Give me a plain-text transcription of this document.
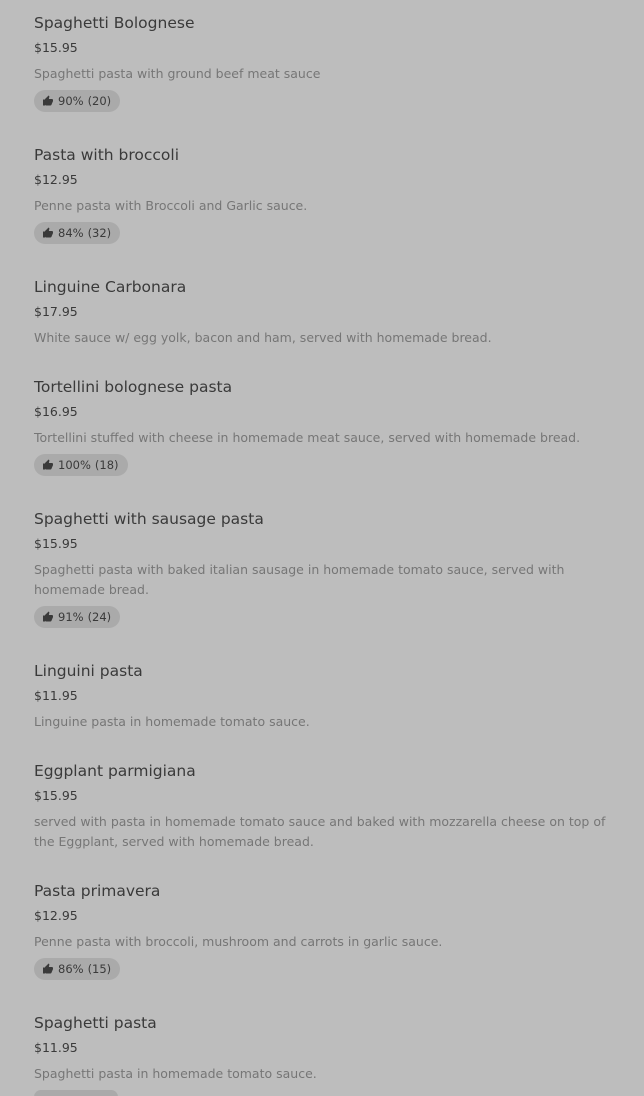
Spaghetti Bolognese
$15.95
Spaghetti pasta with ground beef meat sauce
90% (20)
Pasta with broccoli
$12.95
Penne pasta with Broccoli and Garlic sauce.
84% (32)
Linguine Carbonara
$17.95
White sauce w/ egg yolk, bacon and ham, served with homemade bread.
Tortellini bolognese pasta
$16.95
Tortellini stuffed with cheese in homemade meat sauce, served with homemade bread.
100% (18)
Spaghetti with sausage pasta
$15.95
Spaghetti pasta with baked italian sausage in homemade tomato sauce, served with homemade bread.
91% (24)
Linguini pasta
$11.95
Linguine pasta in homemade tomato sauce.
Eggplant parmigiana
$15.95
served with pasta in homemade tomato sauce and baked with mozzarella cheese on top of the Eggplant, served with homemade bread.
Pasta primavera
$12.95
Penne pasta with broccoli, mushroom and carrots in garlic sauce.
86% (15)
Spaghetti pasta
$11.95
Spaghetti pasta in homemade tomato sauce.
